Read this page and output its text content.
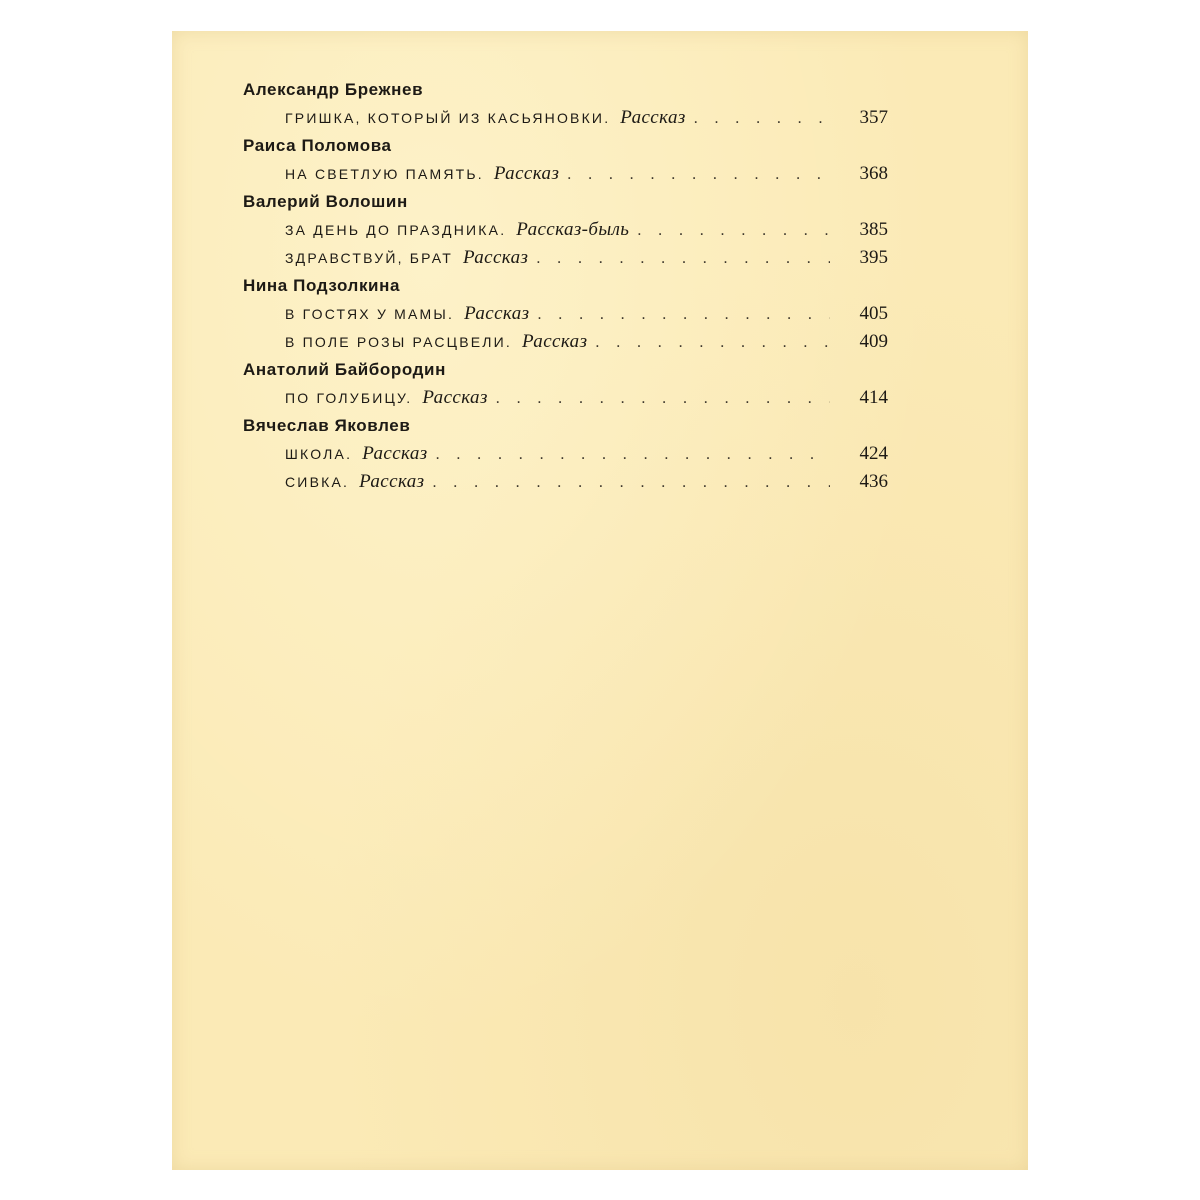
Александр Брежнев
ГРИШКА, КОТОРЫЙ ИЗ КАСЬЯНОВКИ. Рассказ . . .	357
Раиса Поломова
НА СВЕТЛУЮ ПАМЯТЬ. Рассказ . . .	368
Валерий Волошин
ЗА ДЕНЬ ДО ПРАЗДНИКА. Рассказ-быль . . .	385
ЗДРАВСТВУЙ, БРАТ Рассказ . . .	395
Нина Подзолкина
В ГОСТЯХ У МАМЫ. Рассказ . . .	405
В ПОЛЕ РОЗЫ РАСЦВЕЛИ. Рассказ . . .	409
Анатолий Байбородин
ПО ГОЛУБИЦУ. Рассказ . . .	414
Вячеслав Яковлев
ШКОЛА. Рассказ . . .	424
СИВКА. Рассказ . . .	436
